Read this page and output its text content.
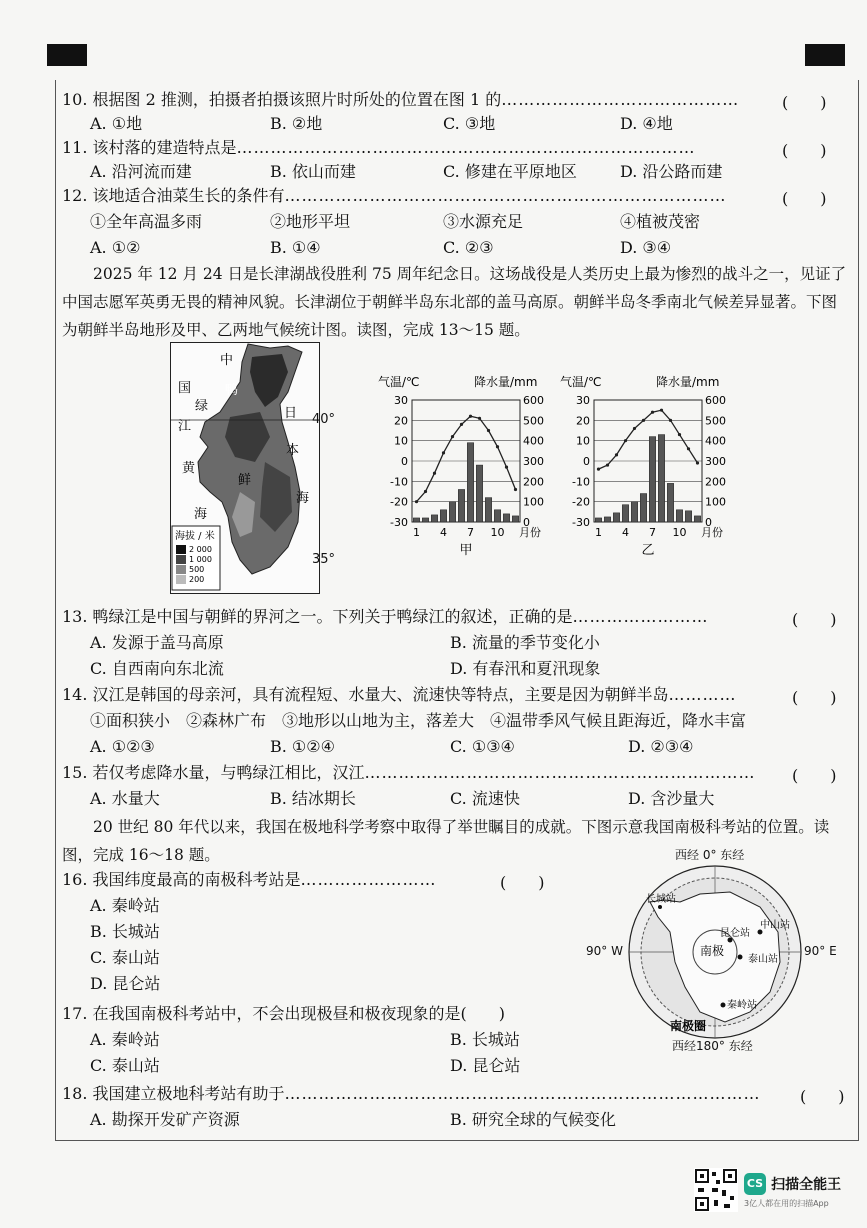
10. 根据图 2 推测，拍摄者拍摄该照片时所处的位置在图 1 的……………………………………	(　　)
A. ①地	B. ②地	C. ③地	D. ④地
11. 该村落的建造特点是………………………………………………………………………	(　　)
A. 沿河流而建	B. 依山而建	C. 修建在平原地区	D. 沿公路而建
12. 该地适合油菜生长的条件有……………………………………………………………………	(　　)
①全年高温多雨	②地形平坦	③水源充足	④植被茂密
A. ①②	B. ①④	C. ②③	D. ③④
2025 年 12 月 24 日是长津湖战役胜利 75 周年纪念日。这场战役是人类历史上最为惨烈的战斗之一，见证了中国志愿军英勇无畏的精神风貌。长津湖位于朝鲜半岛东北部的盖马高原。朝鲜半岛冬季南北气候差异显著。下图为朝鲜半岛地形及甲、乙两地气候统计图。读图，完成 13～15 题。
中
国	鸭
绿
江
日
本
黄
海
海
鲜
海拔 / 米
2 000
1 000
500
200
40°
35°
气温/℃	降水量/mm
-30	0
-20	100
-10	200
0	300
10	400
20	500
30	600
1 4 7 10 月份
甲
气温/℃	降水量/mm
-30	0
-20	100
-10	200
0	300
10	400
20	500
30	600
1 4 7 10 月份
乙
13. 鸭绿江是中国与朝鲜的界河之一。下列关于鸭绿江的叙述，正确的是……………………	(　　)
A. 发源于盖马高原	B. 流量的季节变化小
C. 自西南向东北流	D. 有春汛和夏汛现象
14. 汉江是韩国的母亲河，具有流程短、水量大、流速快等特点，主要是因为朝鲜半岛…………	(　　)
①面积狭小　②森林广布　③地形以山地为主，落差大　④温带季风气候且距海近，降水丰富
A. ①②③	B. ①②④	C. ①③④	D. ②③④
15. 若仅考虑降水量，与鸭绿江相比，汉江…………………………………………………………… (　　)
A. 水量大	B. 结冰期长	C. 流速快	D. 含沙量大
20 世纪 80 年代以来，我国在极地科学考察中取得了举世瞩目的成就。下图示意我国南极科考站的位置。读图，完成 16～18 题。
16. 我国纬度最高的南极科考站是……………………	(　　)
A. 秦岭站
B. 长城站
C. 泰山站
D. 昆仑站
西经 0° 东经
长城站
昆仑站
中山站
泰山站
秦岭站
南极
南极圈
90° W	90° E
西经180° 东经
17. 在我国南极科考站中，不会出现极昼和极夜现象的是(　　)
A. 秦岭站	B. 长城站
C. 泰山站	D. 昆仑站
18. 我国建立极地科考站有助于………………………………………………………………………… (　　)
A. 勘探开发矿产资源	B. 研究全球的气候变化
CS 扫描全能王
3亿人都在用的扫描App
